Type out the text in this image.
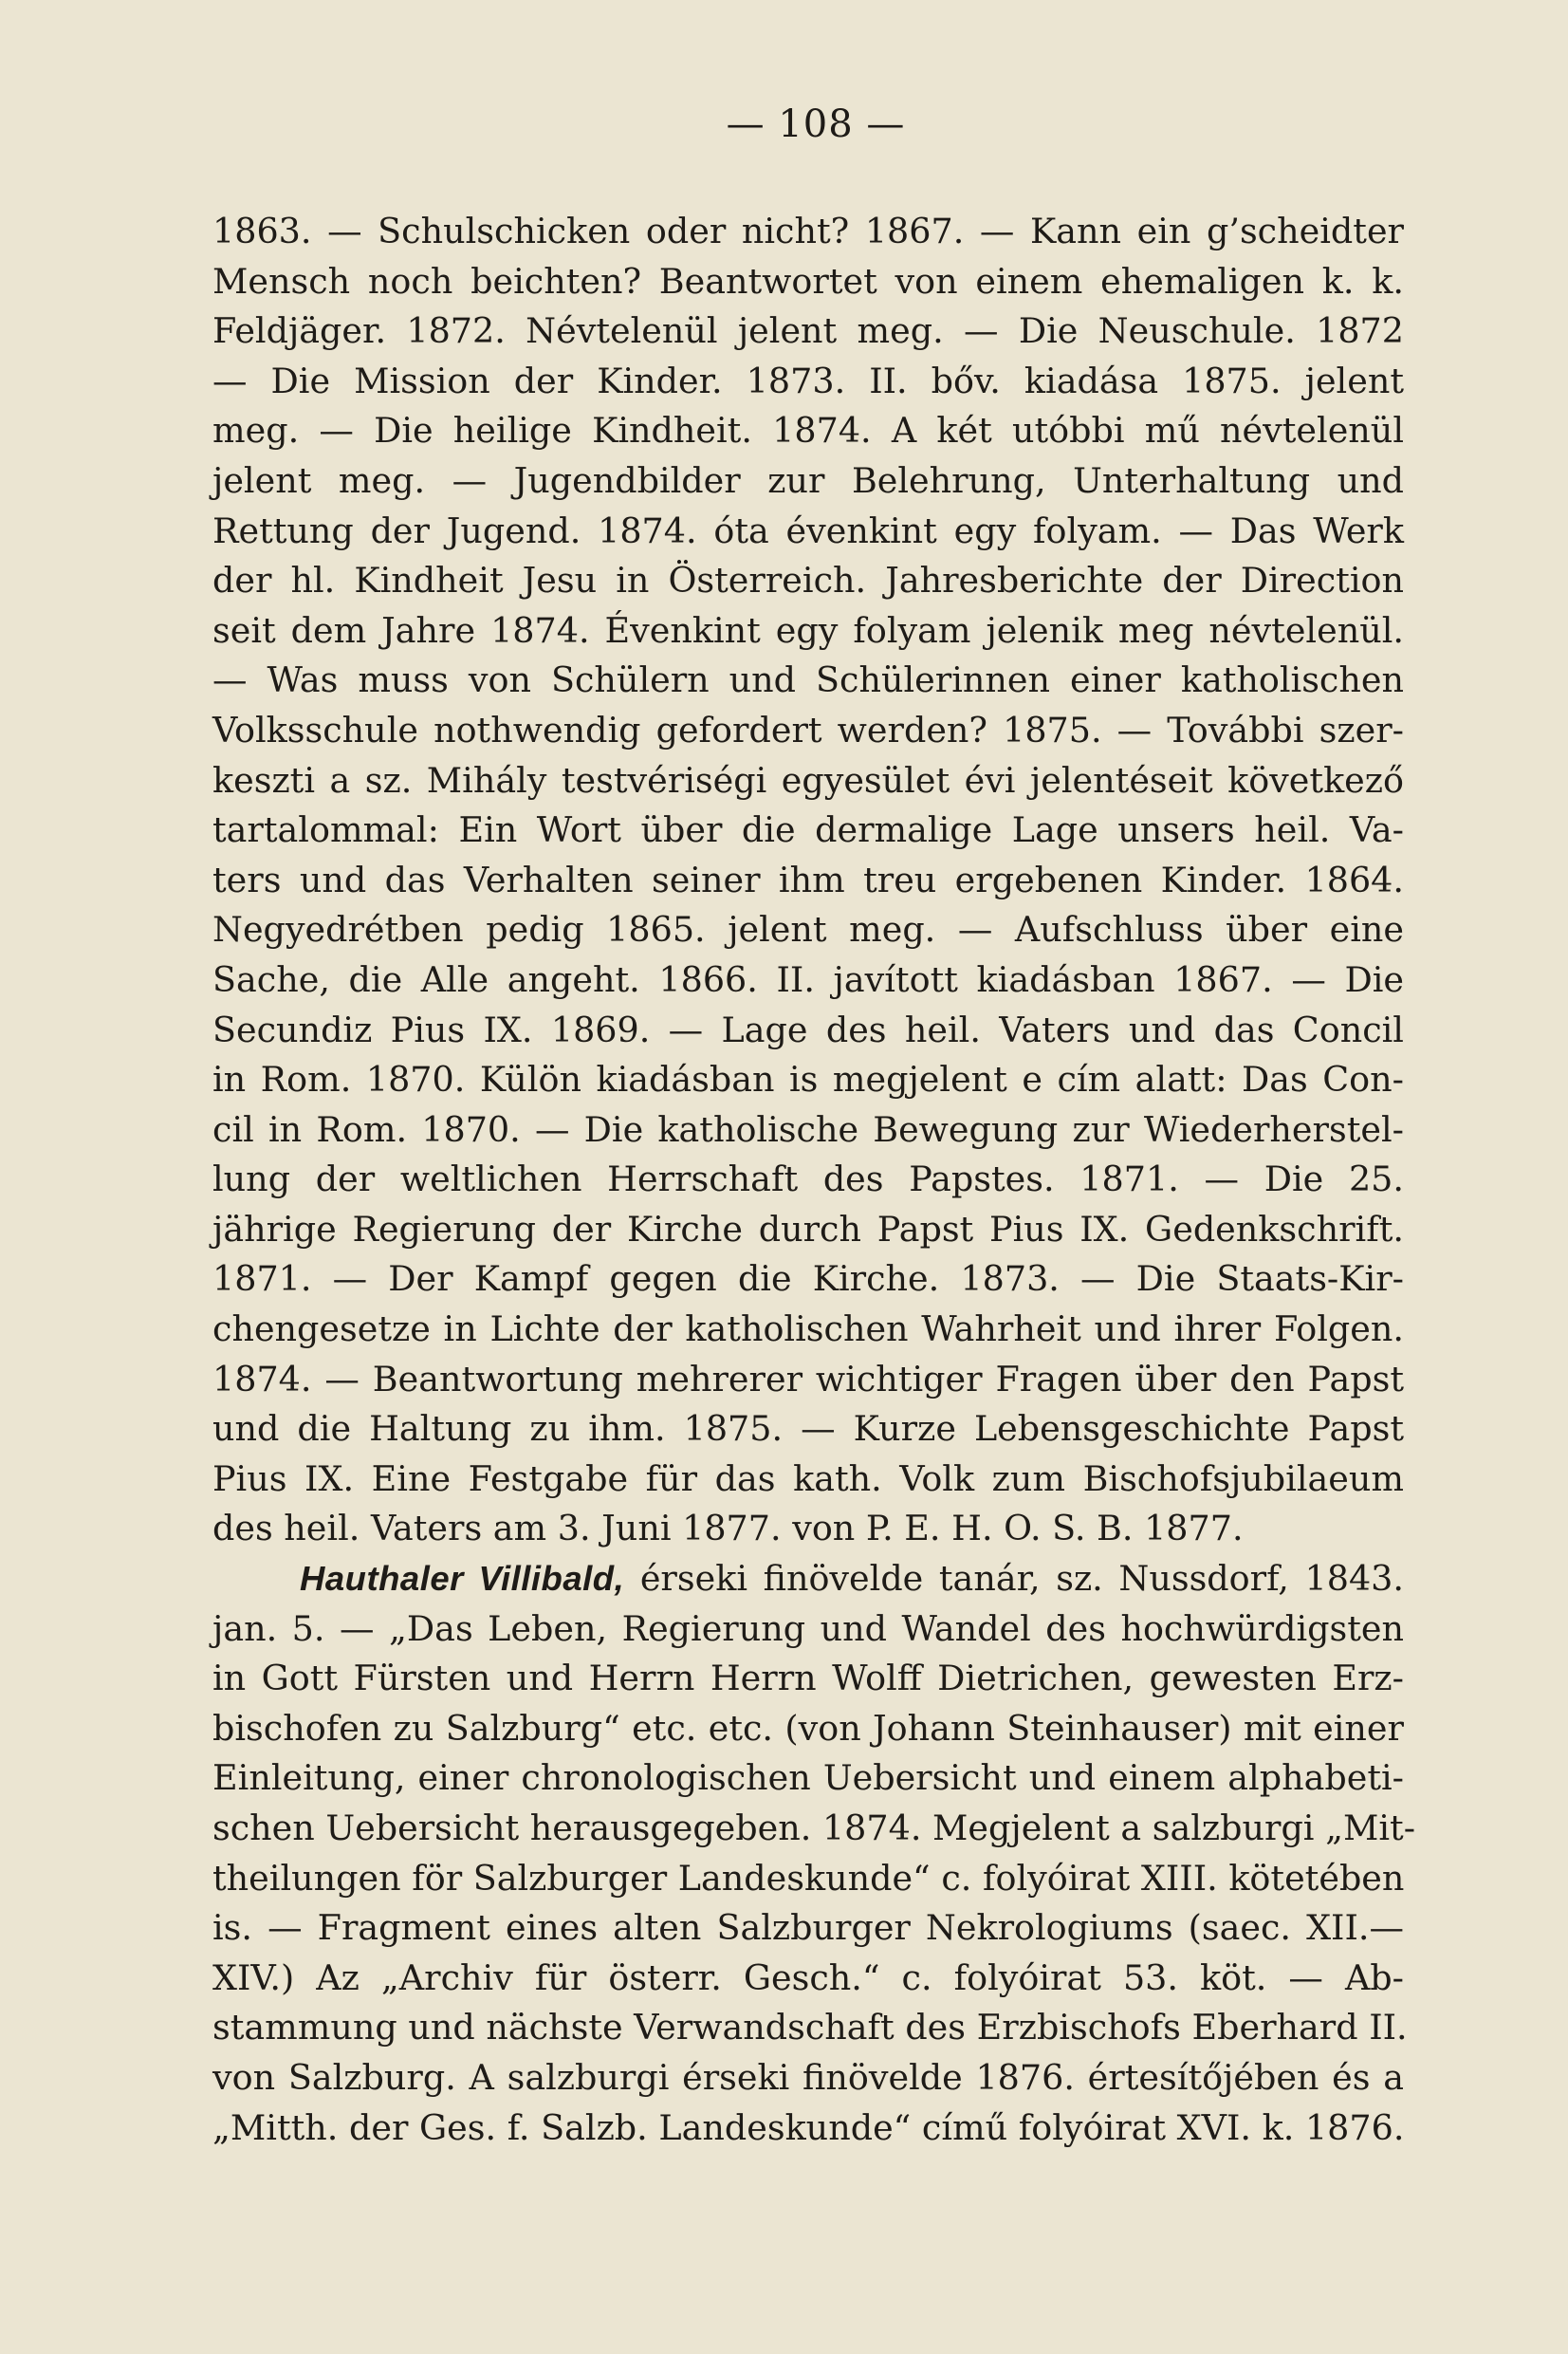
— 108 —
1863. — Schulschicken oder nicht? 1867. — Kann ein g’scheidter
Mensch noch beichten? Beantwortet von einem ehemaligen k. k.
Feldjäger. 1872. Névtelenül jelent meg. — Die Neuschule. 1872
— Die Mission der Kinder. 1873. II. bőv. kiadása 1875. jelent
meg. — Die heilige Kindheit. 1874. A két utóbbi mű névtelenül
jelent meg. — Jugendbilder zur Belehrung, Unterhaltung und
Rettung der Jugend. 1874. óta évenkint egy folyam. — Das Werk
der hl. Kindheit Jesu in Österreich. Jahresberichte der Direction
seit dem Jahre 1874. Évenkint egy folyam jelenik meg névtelenül.
— Was muss von Schülern und Schülerinnen einer katholischen
Volksschule nothwendig gefordert werden? 1875. — További szer-
keszti a sz. Mihály testvériségi egyesület évi jelentéseit következő
tartalommal: Ein Wort über die dermalige Lage unsers heil. Va-
ters und das Verhalten seiner ihm treu ergebenen Kinder. 1864.
Negyedrétben pedig 1865. jelent meg. — Aufschluss über eine
Sache, die Alle angeht. 1866. II. javított kiadásban 1867. — Die
Secundiz Pius IX. 1869. — Lage des heil. Vaters und das Concil
in Rom. 1870. Külön kiadásban is megjelent e cím alatt: Das Con-
cil in Rom. 1870. — Die katholische Bewegung zur Wiederherstel-
lung der weltlichen Herrschaft des Papstes. 1871. — Die 25.
jährige Regierung der Kirche durch Papst Pius IX. Gedenkschrift.
1871. — Der Kampf gegen die Kirche. 1873. — Die Staats-Kir-
chengesetze in Lichte der katholischen Wahrheit und ihrer Folgen.
1874. — Beantwortung mehrerer wichtiger Fragen über den Papst
und die Haltung zu ihm. 1875. — Kurze Lebensgeschichte Papst
Pius IX. Eine Festgabe für das kath. Volk zum Bischofsjubilaeum
des heil. Vaters am 3. Juni 1877. von P. E. H. O. S. B. 1877.
Hauthaler Villibald, érseki finövelde tanár, sz. Nussdorf, 1843.
jan. 5. — „Das Leben, Regierung und Wandel des hochwürdigsten
in Gott Fürsten und Herrn Herrn Wolff Dietrichen, gewesten Erz-
bischofen zu Salzburg“ etc. etc. (von Johann Steinhauser) mit einer
Einleitung, einer chronologischen Uebersicht und einem alphabeti-
schen Uebersicht herausgegeben. 1874. Megjelent a salzburgi „Mit-
theilungen för Salzburger Landeskunde“ c. folyóirat XIII. kötetében
is. — Fragment eines alten Salzburger Nekrologiums (saec. XII.—
XIV.) Az „Archiv für österr. Gesch.“ c. folyóirat 53. köt. — Ab-
stammung und nächste Verwandschaft des Erzbischofs Eberhard II.
von Salzburg. A salzburgi érseki finövelde 1876. értesítőjében és a
„Mitth. der Ges. f. Salzb. Landeskunde“ című folyóirat XVI. k. 1876.
